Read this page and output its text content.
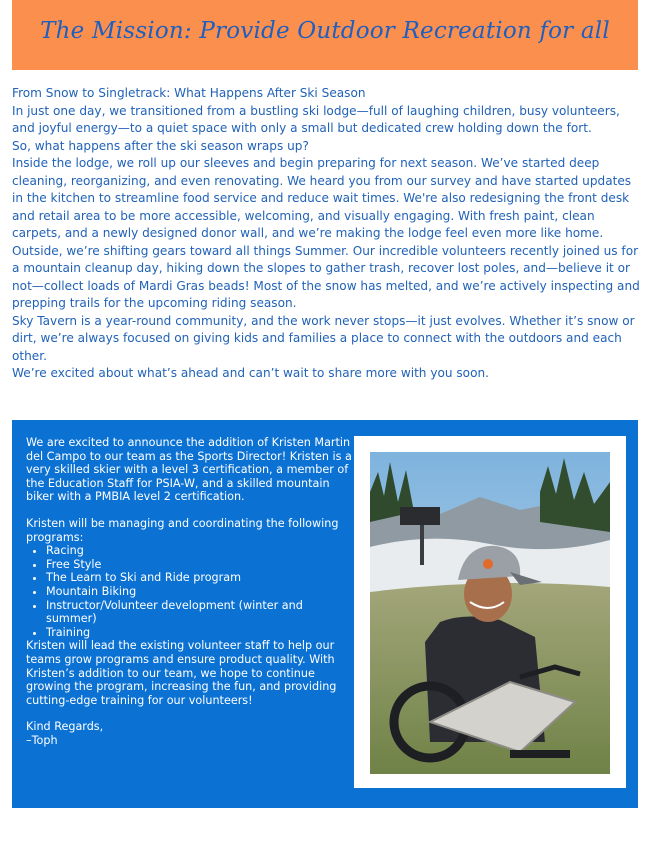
The Mission: Provide Outdoor Recreation for all

From Snow to Singletrack: What Happens After Ski Season

In just one day, we transitioned from a bustling ski lodge—full of laughing children, busy volunteers, and joyful energy—to a quiet space with only a small but dedicated crew holding down the fort.

So, what happens after the ski season wraps up?

Inside the lodge, we roll up our sleeves and begin preparing for next season. We’ve started deep cleaning, reorganizing, and even renovating. We heard you from our survey and have started updates in the kitchen to streamline food service and reduce wait times. We're also redesigning the front desk and retail area to be more accessible, welcoming, and visually engaging. With fresh paint, clean carpets, and a newly designed donor wall, and we’re making the lodge feel even more like home.

Outside, we’re shifting gears toward all things Summer. Our incredible volunteers recently joined us for a mountain cleanup day, hiking down the slopes to gather trash, recover lost poles, and—believe it or not—collect loads of Mardi Gras beads! Most of the snow has melted, and we’re actively inspecting and prepping trails for the upcoming riding season.

Sky Tavern is a year-round community, and the work never stops—it just evolves. Whether it’s snow or dirt, we’re always focused on giving kids and families a place to connect with the outdoors and each other.

We’re excited about what’s ahead and can’t wait to share more with you soon.

We are excited to announce the addition of Kristen Martin del Campo to our team as the Sports Director! Kristen is a very skilled skier with a level 3 certification, a member of the Education Staff for PSIA-W, and a skilled mountain biker with a PMBIA level 2 certification.

Kristen will be managing and coordinating the following programs:

• Racing
• Free Style
• The Learn to Ski and Ride program
• Mountain Biking
• Instructor/Volunteer development (winter and summer)
• Training

Kristen will lead the existing volunteer staff to help our teams grow programs and ensure product quality. With Kristen’s addition to our team, we hope to continue growing the program, increasing the fun, and providing cutting-edge training for our volunteers!

Kind Regards,

–Toph
